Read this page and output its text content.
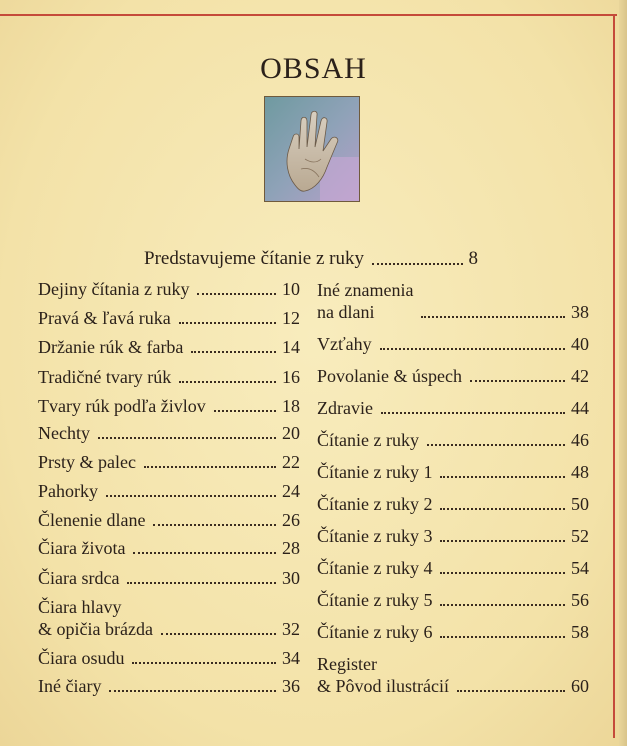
OBSAH
Predstavujeme čítanie z ruky	8
Dejiny čítania z ruky	10
Pravá & ľavá ruka	12
Držanie rúk & farba	14
Tradičné tvary rúk	16
Tvary rúk podľa živlov	18
Nechty	20
Prsty & palec	22
Pahorky	24
Členenie dlane	26
Čiara života	28
Čiara srdca	30
Čiara hlavy
& opičia brázda	32
Čiara osudu	34
Iné čiary	36
Iné znamenia
na dlani	38
Vzťahy	40
Povolanie & úspech	42
Zdravie	44
Čítanie z ruky	46
Čítanie z ruky 1	48
Čítanie z ruky 2	50
Čítanie z ruky 3	52
Čítanie z ruky 4	54
Čítanie z ruky 5	56
Čítanie z ruky 6	58
Register
& Pôvod ilustrácií	60
